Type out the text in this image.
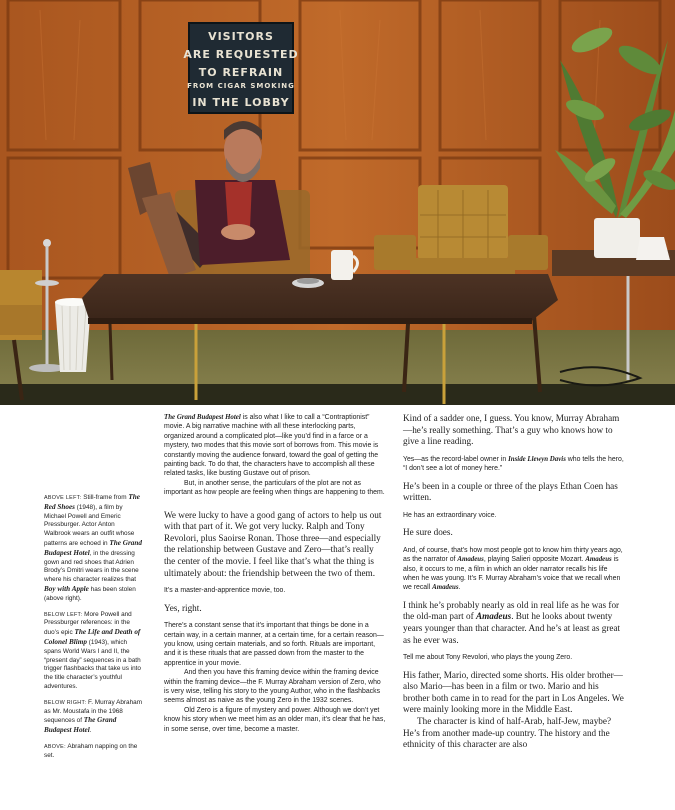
VISITORS
ARE REQUESTED
TO REFRAIN
FROM CIGAR SMOKING
IN THE LOBBY

ABOVE LEFT: Still-frame from The Red Shoes (1948), a film by Michael Powell and Emeric Pressburger. Actor Anton Walbrook wears an outfit whose patterns are echoed in The Grand Budapest Hotel, in the dressing gown and red shoes that Adrien Brody’s Dmitri wears in the scene where his character realizes that Boy with Apple has been stolen (above right).

BELOW LEFT: More Powell and Pressburger references: in the duo’s epic The Life and Death of Colonel Blimp (1943), which spans World Wars I and II, the “present day” sequences in a bath trigger flashbacks that take us into the title character’s youthful adventures.

BELOW RIGHT: F. Murray Abraham as Mr. Moustafa in the 1968 sequences of The Grand Budapest Hotel.

ABOVE: Abraham napping on the set.

The Grand Budapest Hotel is also what I like to call a “Contraptionist” movie. A big narrative machine with all these interlocking parts, organized around a complicated plot—like you’d find in a farce or a mystery, two modes that this movie sort of borrows from. This movie is constantly moving the audience forward, toward the goal of getting the painting back. To do that, the characters have to accomplish all these related tasks, like busting Gustave out of prison.

But, in another sense, the particulars of the plot are not as important as how people are feeling when things are happening to them.

We were lucky to have a good gang of actors to help us out with that part of it. We got very lucky. Ralph and Tony Revolori, plus Saoirse Ronan. Those three—and especially the relationship between Gustave and Zero—that’s really the center of the movie. I feel like that’s what the thing is ultimately about: the friendship between the two of them.

It’s a master-and-apprentice movie, too.

Yes, right.

There’s a constant sense that it’s important that things be done in a certain way, in a certain manner, at a certain time, for a certain reason—you know, using certain materials, and so forth. Rituals are important, and it is these rituals that are passed down from the master to the apprentice in your movie.

And then you have this framing device within the framing device within the framing device—the F. Murray Abraham version of Zero, who is very wise, telling his story to the young Author, who in the flashbacks seems almost as naive as the young Zero in the 1932 scenes.

Old Zero is a figure of mystery and power. Although we don’t yet know his story when we meet him as an older man, it’s clear that he has, in some sense, over time, become a master.

Kind of a sadder one, I guess. You know, Murray Abraham—he’s really something. That’s a guy who knows how to give a line reading.

Yes—as the record-label owner in Inside Llewyn Davis who tells the hero, “I don’t see a lot of money here.”

He’s been in a couple or three of the plays Ethan Coen has written.

He has an extraordinary voice.

He sure does.

And, of course, that’s how most people got to know him thirty years ago, as the narrator of Amadeus, playing Salieri opposite Mozart. Amadeus is also, it occurs to me, a film in which an older narrator recalls his life when he was young. It’s F. Murray Abraham’s voice that we recall when we recall Amadeus.

I think he’s probably nearly as old in real life as he was for the old-man part of Amadeus. But he looks about twenty years younger than that character. And he’s at least as great as he ever was.

Tell me about Tony Revolori, who plays the young Zero.

His father, Mario, directed some shorts. His older brother—also Mario—has been in a film or two. Mario and his brother both came in to read for the part in Los Angeles. We were mainly looking more in the Middle East.

The character is kind of half-Arab, half-Jew, maybe? He’s from another made-up country. The history and the ethnicity of this character are also
